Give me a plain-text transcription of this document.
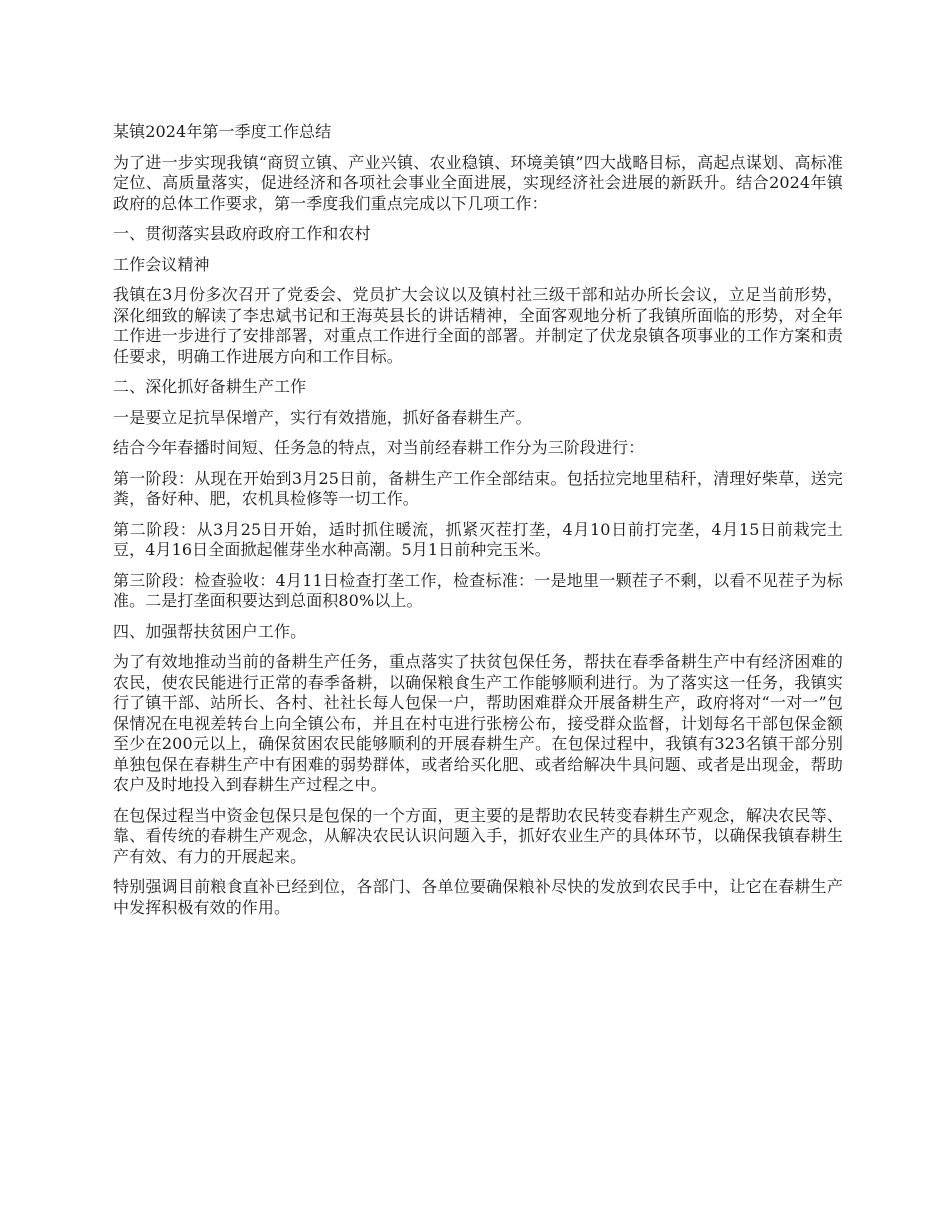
某镇2024年第一季度工作总结

为了进一步实现我镇“商贸立镇、产业兴镇、农业稳镇、环境美镇”四大战略目标，高起点谋划、高标准定位、高质量落实，促进经济和各项社会事业全面进展，实现经济社会进展的新跃升。结合2024年镇政府的总体工作要求，第一季度我们重点完成以下几项工作：

一、贯彻落实县政府政府工作和农村

工作会议精神

我镇在3月份多次召开了党委会、党员扩大会议以及镇村社三级干部和站办所长会议，立足当前形势，深化细致的解读了李忠斌书记和王海英县长的讲话精神，全面客观地分析了我镇所面临的形势，对全年工作进一步进行了安排部署，对重点工作进行全面的部署。并制定了伏龙泉镇各项事业的工作方案和责任要求，明确工作进展方向和工作目标。

二、深化抓好备耕生产工作

一是要立足抗旱保增产，实行有效措施，抓好备春耕生产。

结合今年春播时间短、任务急的特点，对当前经春耕工作分为三阶段进行：

第一阶段：从现在开始到3月25日前，备耕生产工作全部结束。包括拉完地里秸秆，清理好柴草，送完粪，备好种、肥，农机具检修等一切工作。

第二阶段：从3月25日开始，适时抓住暖流，抓紧灭茬打垄，4月10日前打完垄，4月15日前栽完土豆，4月16日全面掀起催芽坐水种高潮。5月1日前种完玉米。

第三阶段：检查验收：4月11日检查打垄工作，检查标准：一是地里一颗茬子不剩，以看不见茬子为标准。二是打垄面积要达到总面积80%以上。

四、加强帮扶贫困户工作。

为了有效地推动当前的备耕生产任务，重点落实了扶贫包保任务，帮扶在春季备耕生产中有经济困难的农民，使农民能进行正常的春季备耕，以确保粮食生产工作能够顺利进行。为了落实这一任务，我镇实行了镇干部、站所长、各村、社社长每人包保一户，帮助困难群众开展备耕生产，政府将对“一对一”包保情况在电视差转台上向全镇公布，并且在村屯进行张榜公布，接受群众监督，计划每名干部包保金额至少在200元以上，确保贫困农民能够顺利的开展春耕生产。在包保过程中，我镇有323名镇干部分别单独包保在春耕生产中有困难的弱势群体，或者给买化肥、或者给解决牛具问题、或者是出现金，帮助农户及时地投入到春耕生产过程之中。

在包保过程当中资金包保只是包保的一个方面，更主要的是帮助农民转变春耕生产观念，解决农民等、靠、看传统的春耕生产观念，从解决农民认识问题入手，抓好农业生产的具体环节，以确保我镇春耕生产有效、有力的开展起来。

特别强调目前粮食直补已经到位，各部门、各单位要确保粮补尽快的发放到农民手中，让它在春耕生产中发挥积极有效的作用。
